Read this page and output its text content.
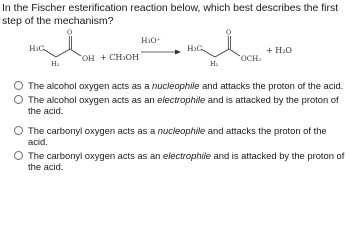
In the Fischer esterification reaction below, which best describes the first step of the mechanism?

H₃C
H₂
O
OH + CH₃OH
H₃O⁺
H₃C
H₂
O
OCH₃
+ H₂O
The alcohol oxygen acts as a nucleophile and attacks the proton of the acid.
The alcohol oxygen acts as an electrophile and is attacked by the proton of the acid.
The carbonyl oxygen acts as a nucleophile and attacks the proton of the acid.
The carbonyl oxygen acts as an electrophile and is attacked by the proton of the acid.
